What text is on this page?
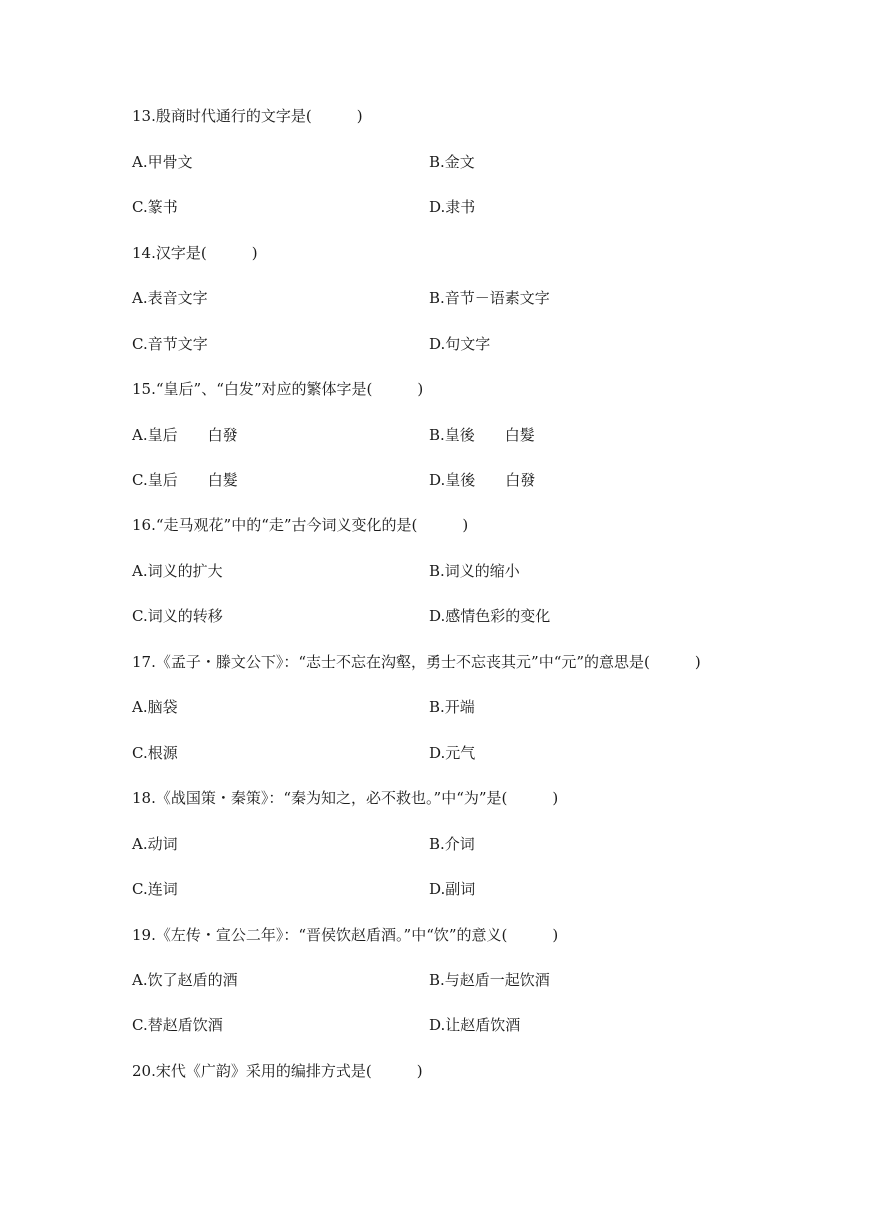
13.殷商时代通行的文字是(　　　)
A.甲骨文	B.金文
C.篆书	D.隶书
14.汉字是(　　　)
A.表音文字	B.音节－语素文字
C.音节文字	D.句文字
15.“皇后”、“白发”对应的繁体字是(　　　)
A.皇后　　白發	B.皇後　　白髮
C.皇后　　白髮	D.皇後　　白發
16.“走马观花”中的“走”古今词义变化的是(　　　)
A.词义的扩大	B.词义的缩小
C.词义的转移	D.感情色彩的变化
17.《孟子・滕文公下》：“志士不忘在沟壑，勇士不忘丧其元”中“元”的意思是(　　　)
A.脑袋	B.开端
C.根源	D.元气
18.《战国策・秦策》：“秦为知之，必不救也。”中“为”是(　　　)
A.动词	B.介词
C.连词	D.副词
19.《左传・宣公二年》：“晋侯饮赵盾酒。”中“饮”的意义(　　　)
A.饮了赵盾的酒	B.与赵盾一起饮酒
C.替赵盾饮酒	D.让赵盾饮酒
20.宋代《广韵》采用的编排方式是(　　　)
